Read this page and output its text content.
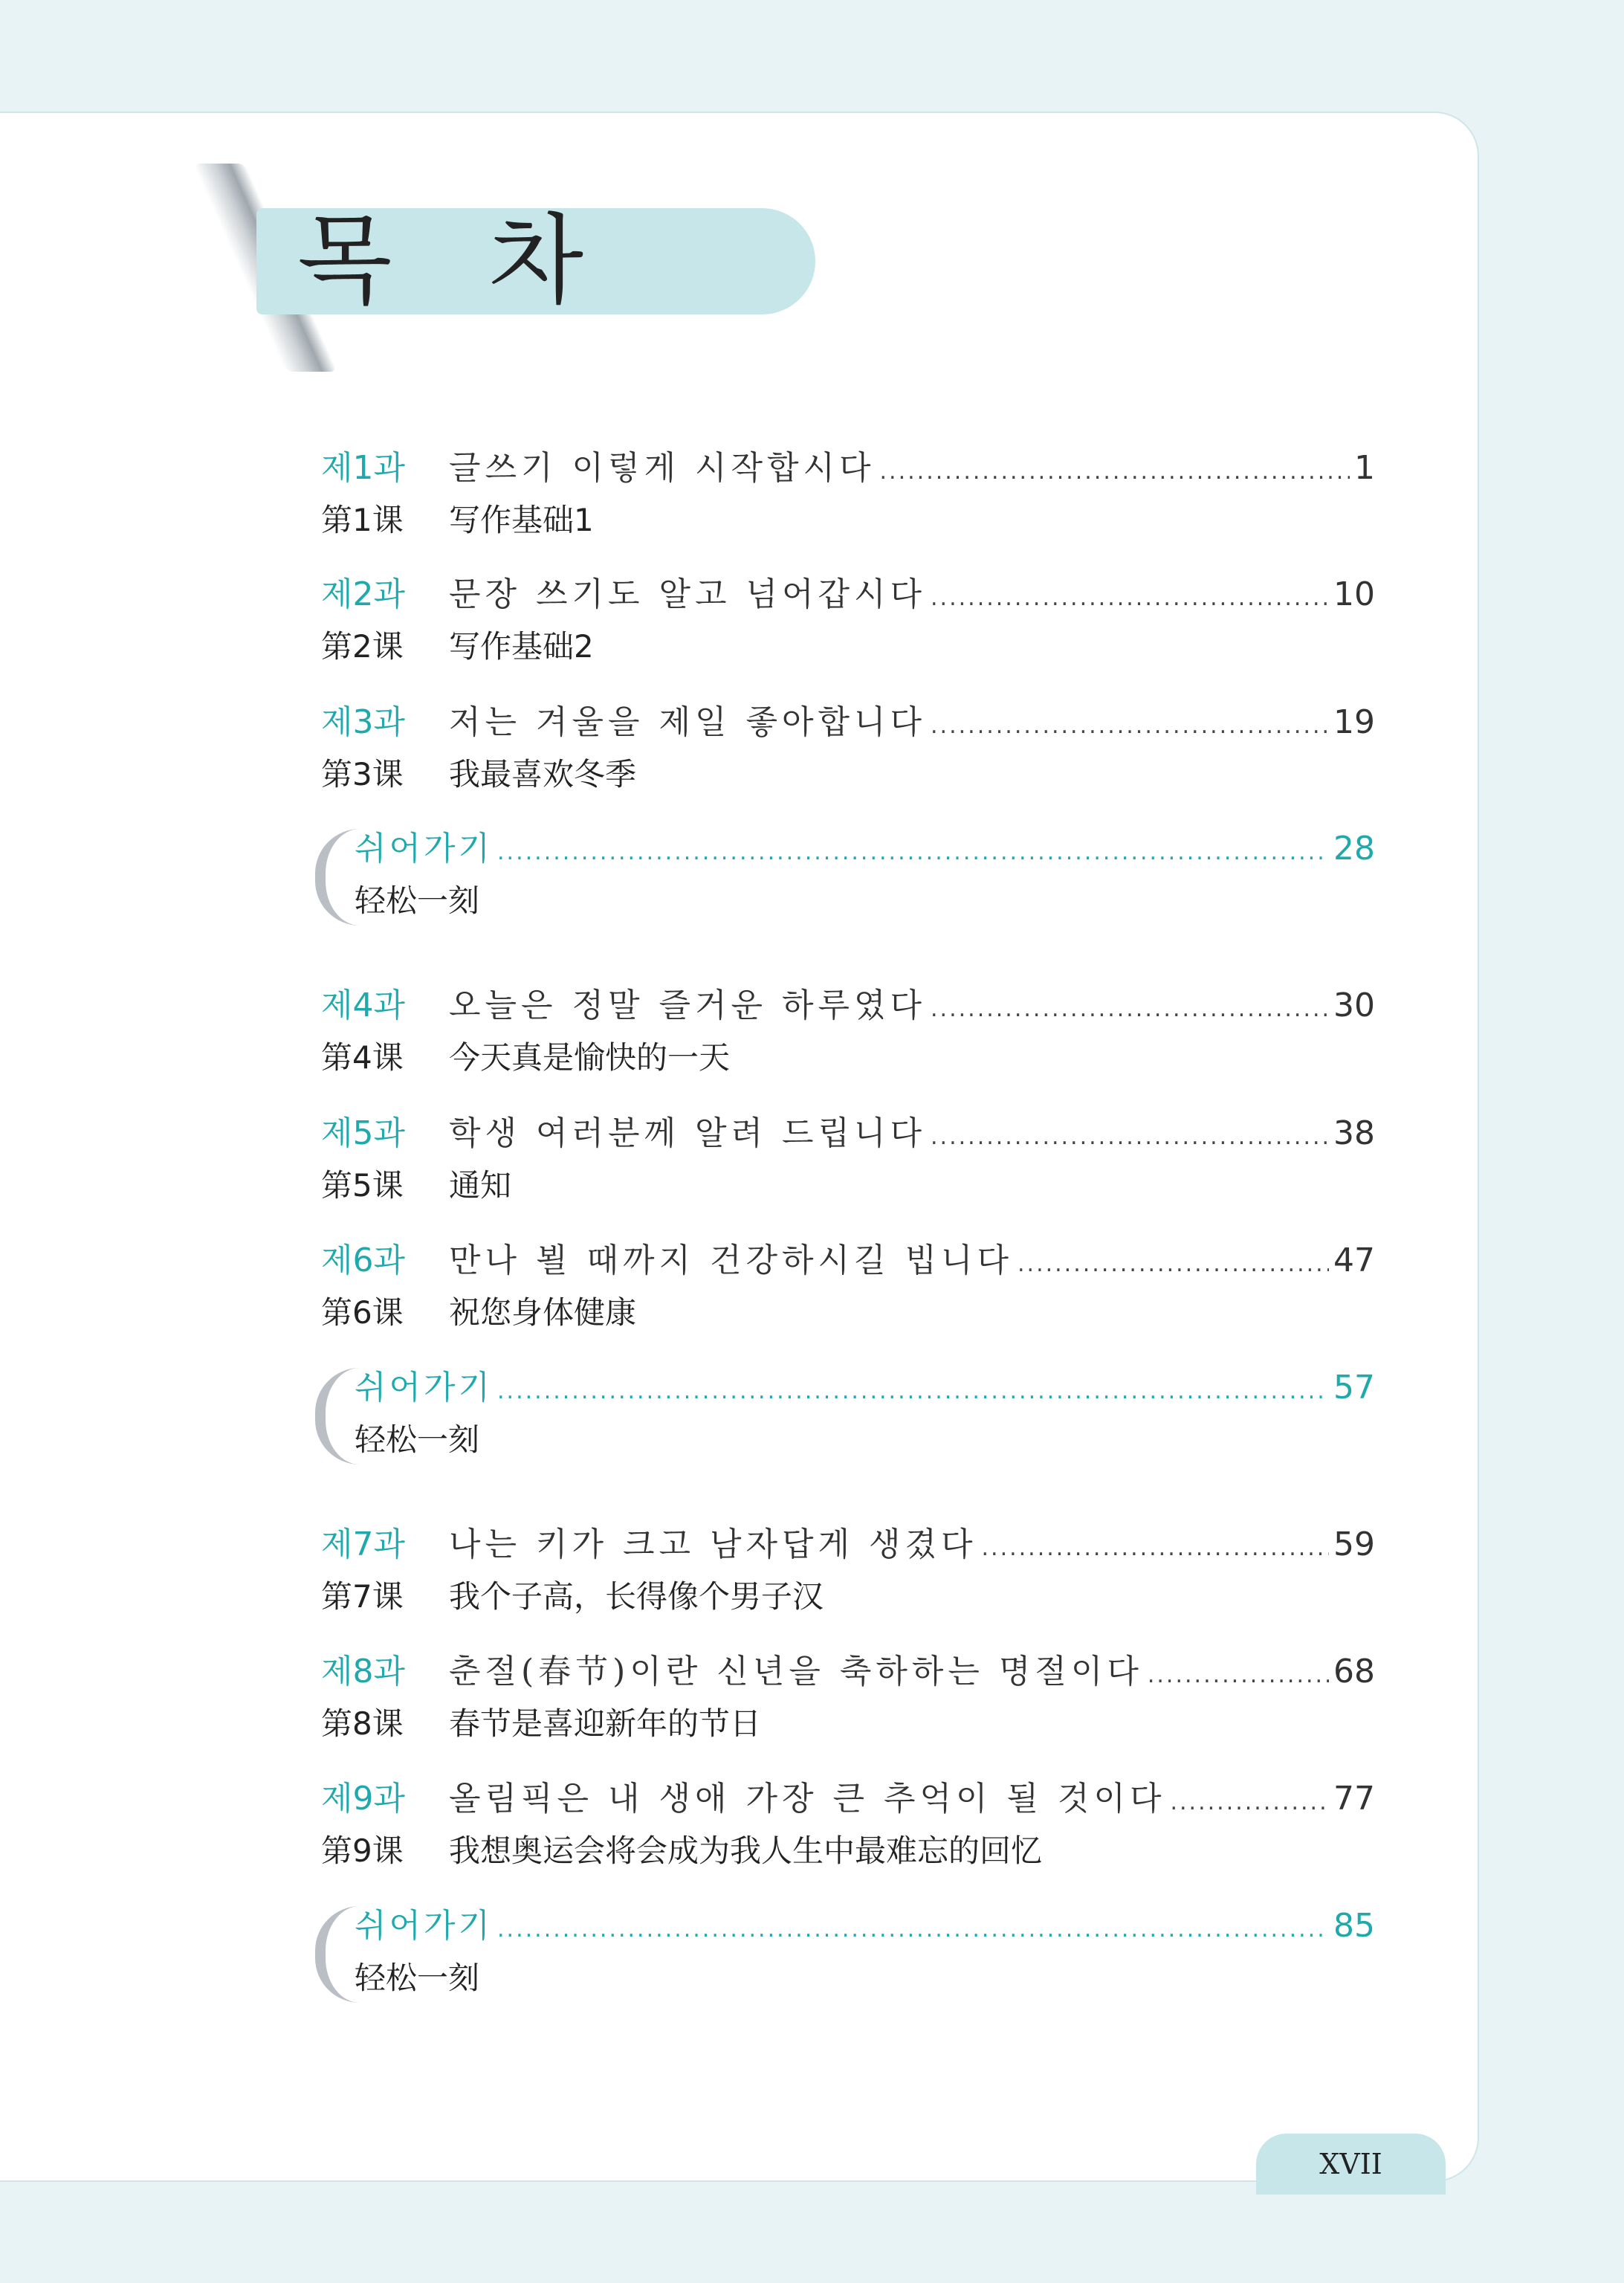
목 차
제1과	글쓰기 이렇게 시작합시다 .....	1
第1课	写作基础1
제2과	문장 쓰기도 알고 넘어갑시다 .....	10
第2课	写作基础2
제3과	저는 겨울을 제일 좋아합니다 .....	19
第3课	我最喜欢冬季
쉬어가기 .....	28
轻松一刻
제4과	오늘은 정말 즐거운 하루였다 .....	30
第4课	今天真是愉快的一天
제5과	학생 여러분께 알려 드립니다 .....	38
第5课	通知
제6과	만나 뵐 때까지 건강하시길 빕니다 .....	47
第6课	祝您身体健康
쉬어가기 .....	57
轻松一刻
제7과	나는 키가 크고 남자답게 생겼다 .....	59
第7课	我个子高，长得像个男子汉
제8과	춘절(春节)이란 신년을 축하하는 명절이다 .....	68
第8课	春节是喜迎新年的节日
제9과	올림픽은 내 생애 가장 큰 추억이 될 것이다 .....	77
第9课	我想奥运会将会成为我人生中最难忘的回忆
쉬어가기 .....	85
轻松一刻
XVII
